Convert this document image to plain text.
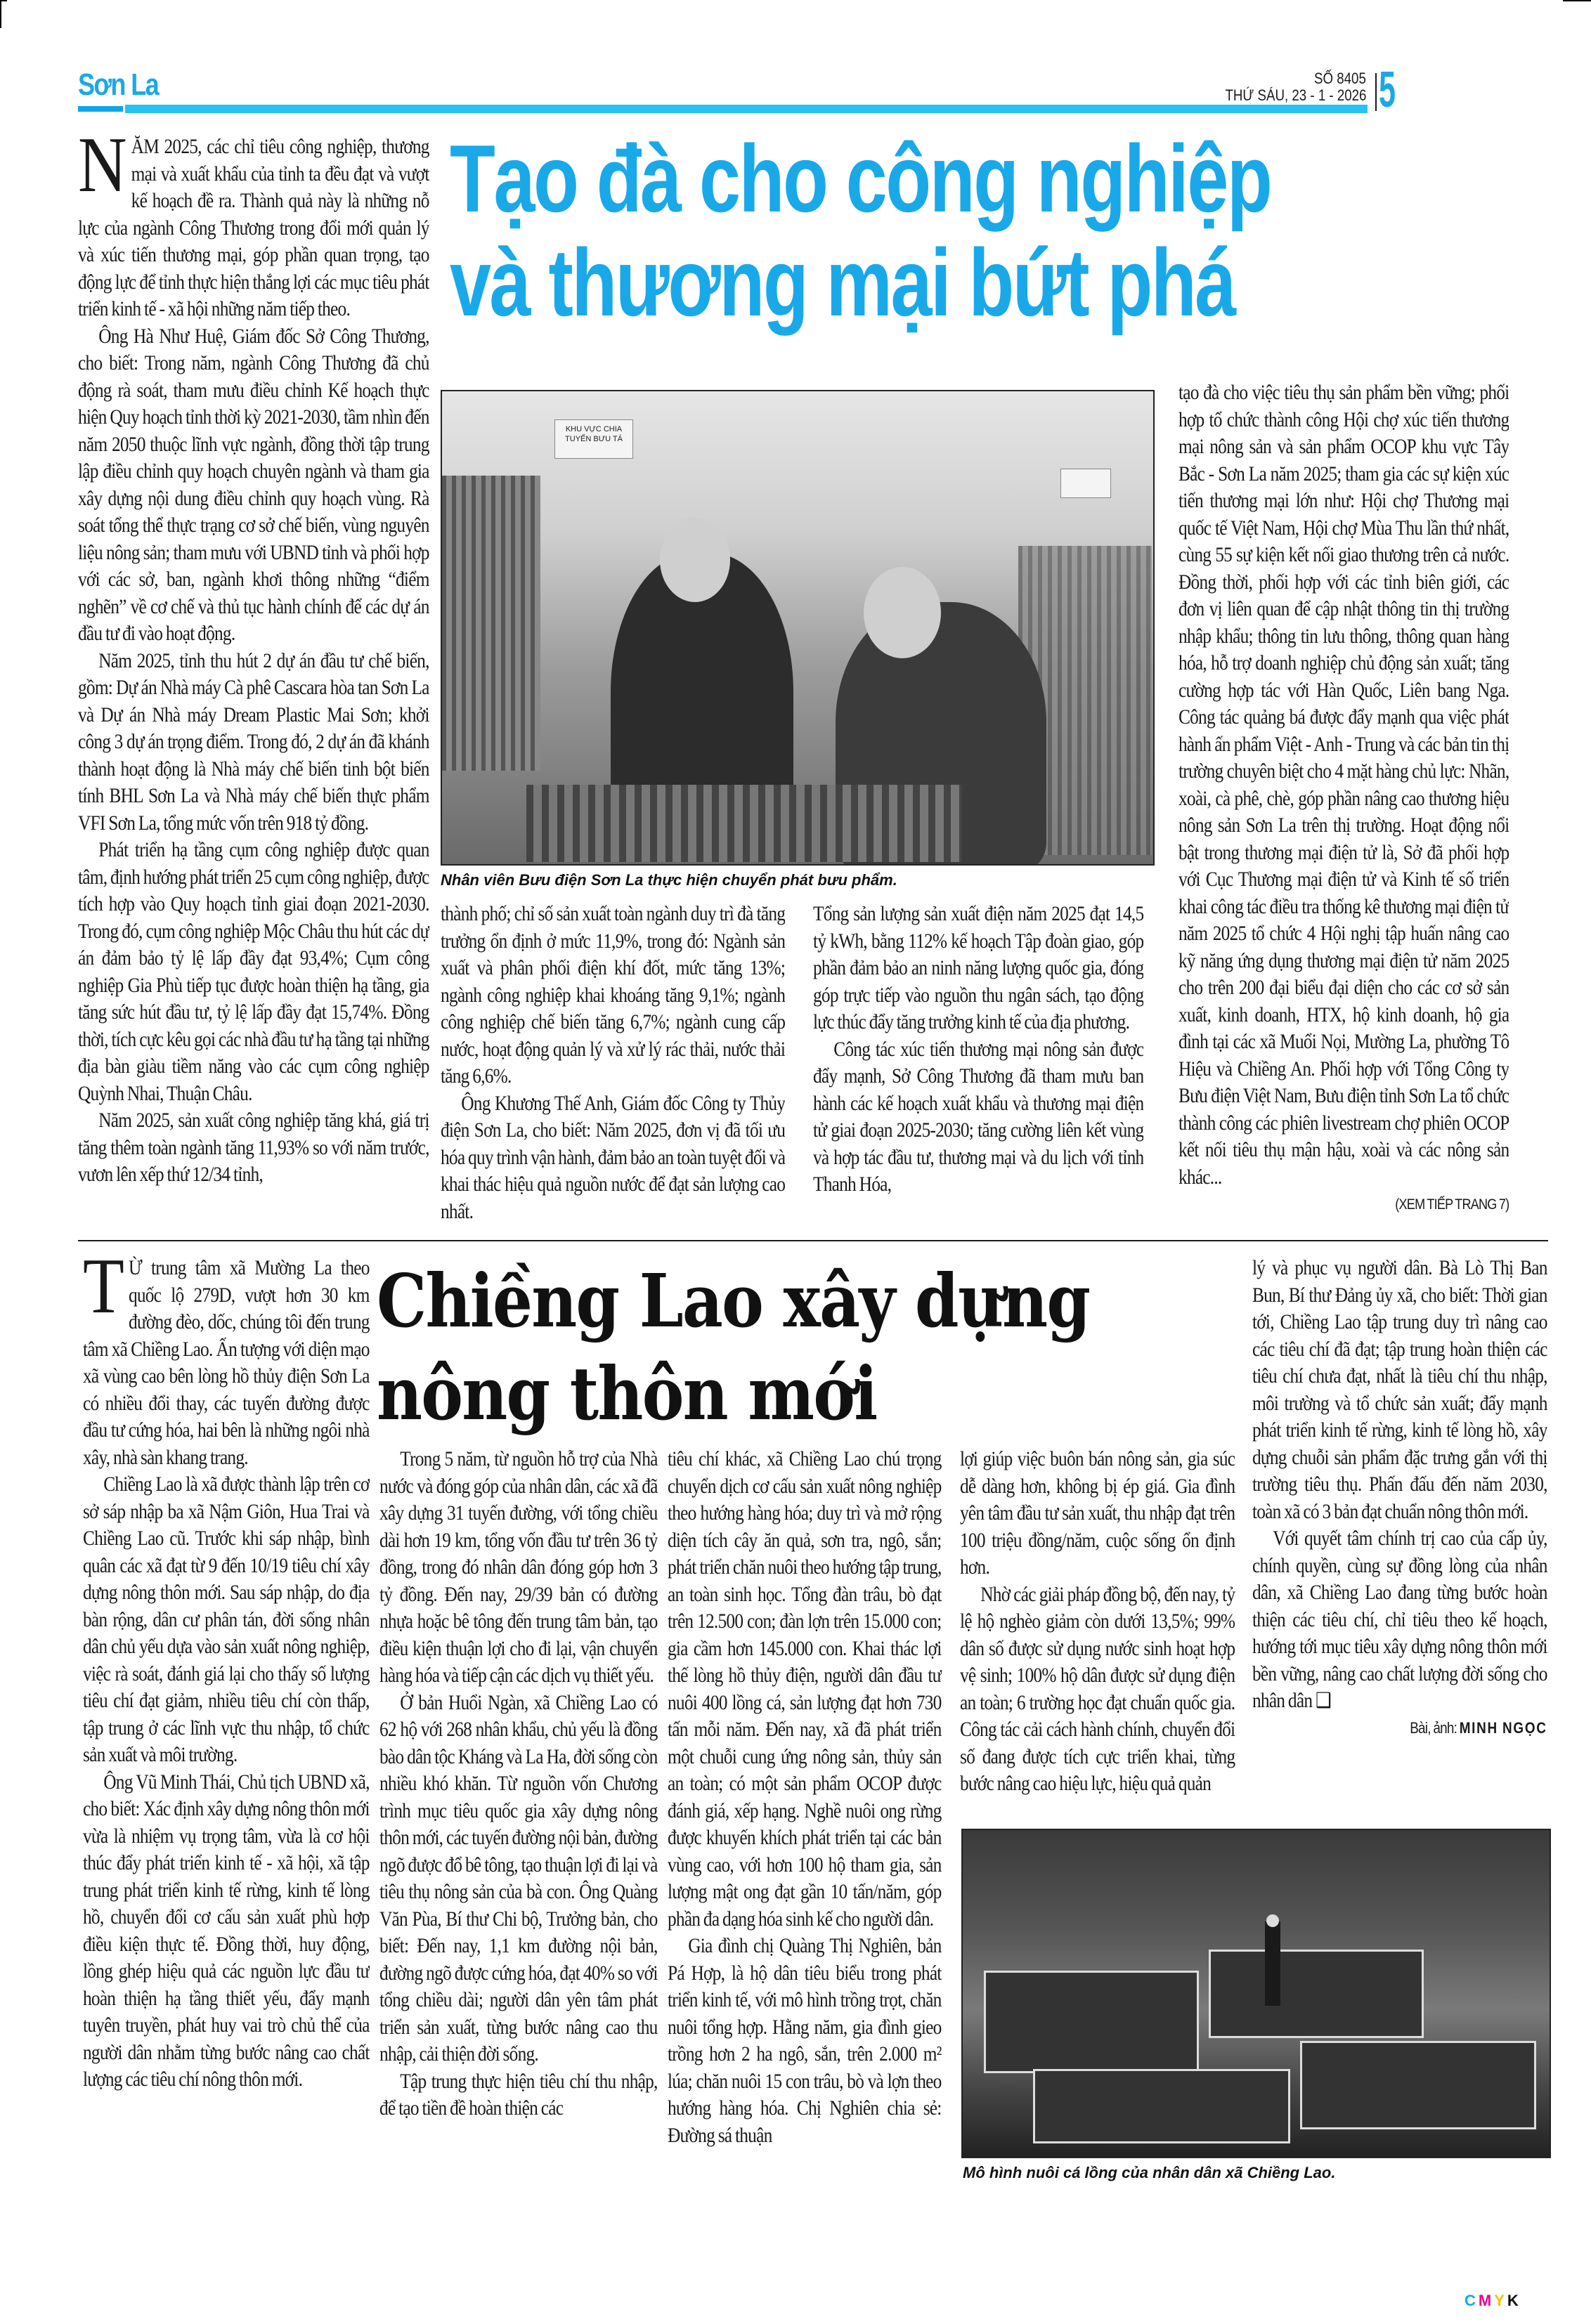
Sơn La	SỐ 8405
THỨ SÁU, 23 - 1 - 2026 5
Tạo đà cho công nghiệp
và thương mại bứt phá

NĂM 2025, các chỉ tiêu công nghiệp, thương mại và xuất khẩu của tỉnh ta đều đạt và vượt kế hoạch đề ra. Thành quả này là những nỗ lực của ngành Công Thương trong đổi mới quản lý và xúc tiến thương mại, góp phần quan trọng, tạo động lực để tỉnh thực hiện thắng lợi các mục tiêu phát triển kinh tế - xã hội những năm tiếp theo.

Ông Hà Như Huệ, Giám đốc Sở Công Thương, cho biết: Trong năm, ngành Công Thương đã chủ động rà soát, tham mưu điều chỉnh Kế hoạch thực hiện Quy hoạch tỉnh thời kỳ 2021-2030, tầm nhìn đến năm 2050 thuộc lĩnh vực ngành, đồng thời tập trung lập điều chỉnh quy hoạch chuyên ngành và tham gia xây dựng nội dung điều chỉnh quy hoạch vùng. Rà soát tổng thể thực trạng cơ sở chế biến, vùng nguyên liệu nông sản; tham mưu với UBND tỉnh và phối hợp với các sở, ban, ngành khơi thông những “điểm nghẽn” về cơ chế và thủ tục hành chính để các dự án đầu tư đi vào hoạt động.

Năm 2025, tỉnh thu hút 2 dự án đầu tư chế biến, gồm: Dự án Nhà máy Cà phê Cascara hòa tan Sơn La và Dự án Nhà máy Dream Plastic Mai Sơn; khởi công 3 dự án trọng điểm. Trong đó, 2 dự án đã khánh thành hoạt động là Nhà máy chế biến tinh bột biến tính BHL Sơn La và Nhà máy chế biến thực phẩm VFI Sơn La, tổng mức vốn trên 918 tỷ đồng.

Phát triển hạ tầng cụm công nghiệp được quan tâm, định hướng phát triển 25 cụm công nghiệp, được tích hợp vào Quy hoạch tỉnh giai đoạn 2021-2030. Trong đó, cụm công nghiệp Mộc Châu thu hút các dự án đảm bảo tỷ lệ lấp đầy đạt 93,4%; Cụm công nghiệp Gia Phù tiếp tục được hoàn thiện hạ tầng, gia tăng sức hút đầu tư, tỷ lệ lấp đầy đạt 15,74%. Đồng thời, tích cực kêu gọi các nhà đầu tư hạ tầng tại những địa bàn giàu tiềm năng vào các cụm công nghiệp Quỳnh Nhai, Thuận Châu.

Năm 2025, sản xuất công nghiệp tăng khá, giá trị tăng thêm toàn ngành tăng 11,93% so với năm trước, vươn lên xếp thứ 12/34 tỉnh,

KHU VỰC CHIA TUYẾN BƯU TÁ
Nhân viên Bưu điện Sơn La thực hiện chuyển phát bưu phẩm.

thành phố; chỉ số sản xuất toàn ngành duy trì đà tăng trưởng ổn định ở mức 11,9%, trong đó: Ngành sản xuất và phân phối điện khí đốt, mức tăng 13%; ngành công nghiệp khai khoáng tăng 9,1%; ngành công nghiệp chế biến tăng 6,7%; ngành cung cấp nước, hoạt động quản lý và xử lý rác thải, nước thải tăng 6,6%.

Ông Khương Thế Anh, Giám đốc Công ty Thủy điện Sơn La, cho biết: Năm 2025, đơn vị đã tối ưu hóa quy trình vận hành, đảm bảo an toàn tuyệt đối và khai thác hiệu quả nguồn nước để đạt sản lượng cao nhất.

Tổng sản lượng sản xuất điện năm 2025 đạt 14,5 tỷ kWh, bằng 112% kế hoạch Tập đoàn giao, góp phần đảm bảo an ninh năng lượng quốc gia, đóng góp trực tiếp vào nguồn thu ngân sách, tạo động lực thúc đẩy tăng trưởng kinh tế của địa phương.

Công tác xúc tiến thương mại nông sản được đẩy mạnh, Sở Công Thương đã tham mưu ban hành các kế hoạch xuất khẩu và thương mại điện tử giai đoạn 2025-2030; tăng cường liên kết vùng và hợp tác đầu tư, thương mại và du lịch với tỉnh Thanh Hóa,

tạo đà cho việc tiêu thụ sản phẩm bền vững; phối hợp tổ chức thành công Hội chợ xúc tiến thương mại nông sản và sản phẩm OCOP khu vực Tây Bắc - Sơn La năm 2025; tham gia các sự kiện xúc tiến thương mại lớn như: Hội chợ Thương mại quốc tế Việt Nam, Hội chợ Mùa Thu lần thứ nhất, cùng 55 sự kiện kết nối giao thương trên cả nước. Đồng thời, phối hợp với các tỉnh biên giới, các đơn vị liên quan để cập nhật thông tin thị trường nhập khẩu; thông tin lưu thông, thông quan hàng hóa, hỗ trợ doanh nghiệp chủ động sản xuất; tăng cường hợp tác với Hàn Quốc, Liên bang Nga. Công tác quảng bá được đẩy mạnh qua việc phát hành ấn phẩm Việt - Anh - Trung và các bản tin thị trường chuyên biệt cho 4 mặt hàng chủ lực: Nhãn, xoài, cà phê, chè, góp phần nâng cao thương hiệu nông sản Sơn La trên thị trường. Hoạt động nổi bật trong thương mại điện tử là, Sở đã phối hợp với Cục Thương mại điện tử và Kinh tế số triển khai công tác điều tra thống kê thương mại điện tử năm 2025 tổ chức 4 Hội nghị tập huấn nâng cao kỹ năng ứng dụng thương mại điện tử năm 2025 cho trên 200 đại biểu đại diện cho các cơ sở sản xuất, kinh doanh, HTX, hộ kinh doanh, hộ gia đình tại các xã Muổi Nọi, Mường La, phường Tô Hiệu và Chiềng An. Phối hợp với Tổng Công ty Bưu điện Việt Nam, Bưu điện tỉnh Sơn La tổ chức thành công các phiên livestream chợ phiên OCOP kết nối tiêu thụ mận hậu, xoài và các nông sản khác...

(XEM TIẾP TRANG 7)
Chiềng Lao xây dựng
nông thôn mới

T Ừ trung tâm xã Mường La theo quốc lộ 279D, vượt hơn 30 km đường đèo, dốc, chúng tôi đến trung tâm xã Chiềng Lao. Ấn tượng với diện mạo xã vùng cao bên lòng hồ thủy điện Sơn La có nhiều đổi thay, các tuyến đường được đầu tư cứng hóa, hai bên là những ngôi nhà xây, nhà sàn khang trang.

Chiềng Lao là xã được thành lập trên cơ sở sáp nhập ba xã Nậm Giôn, Hua Trai và Chiềng Lao cũ. Trước khi sáp nhập, bình quân các xã đạt từ 9 đến 10/19 tiêu chí xây dựng nông thôn mới. Sau sáp nhập, do địa bàn rộng, dân cư phân tán, đời sống nhân dân chủ yếu dựa vào sản xuất nông nghiệp, việc rà soát, đánh giá lại cho thấy số lượng tiêu chí đạt giảm, nhiều tiêu chí còn thấp, tập trung ở các lĩnh vực thu nhập, tổ chức sản xuất và môi trường.

Ông Vũ Minh Thái, Chủ tịch UBND xã, cho biết: Xác định xây dựng nông thôn mới vừa là nhiệm vụ trọng tâm, vừa là cơ hội thúc đẩy phát triển kinh tế - xã hội, xã tập trung phát triển kinh tế rừng, kinh tế lòng hồ, chuyển đổi cơ cấu sản xuất phù hợp điều kiện thực tế. Đồng thời, huy động, lồng ghép hiệu quả các nguồn lực đầu tư hoàn thiện hạ tầng thiết yếu, đẩy mạnh tuyên truyền, phát huy vai trò chủ thể của người dân nhằm từng bước nâng cao chất lượng các tiêu chí nông thôn mới.

Trong 5 năm, từ nguồn hỗ trợ của Nhà nước và đóng góp của nhân dân, các xã đã xây dựng 31 tuyến đường, với tổng chiều dài hơn 19 km, tổng vốn đầu tư trên 36 tỷ đồng, trong đó nhân dân đóng góp hơn 3 tỷ đồng. Đến nay, 29/39 bản có đường nhựa hoặc bê tông đến trung tâm bản, tạo điều kiện thuận lợi cho đi lại, vận chuyển hàng hóa và tiếp cận các dịch vụ thiết yếu.

Ở bản Huổi Ngàn, xã Chiềng Lao có 62 hộ với 268 nhân khẩu, chủ yếu là đồng bào dân tộc Kháng và La Ha, đời sống còn nhiều khó khăn. Từ nguồn vốn Chương trình mục tiêu quốc gia xây dựng nông thôn mới, các tuyến đường nội bản, đường ngõ được đổ bê tông, tạo thuận lợi đi lại và tiêu thụ nông sản của bà con. Ông Quàng Văn Pùa, Bí thư Chi bộ, Trưởng bản, cho biết: Đến nay, 1,1 km đường nội bản, đường ngõ được cứng hóa, đạt 40% so với tổng chiều dài; người dân yên tâm phát triển sản xuất, từng bước nâng cao thu nhập, cải thiện đời sống.

Tập trung thực hiện tiêu chí thu nhập, để tạo tiền đề hoàn thiện các

tiêu chí khác, xã Chiềng Lao chú trọng chuyển dịch cơ cấu sản xuất nông nghiệp theo hướng hàng hóa; duy trì và mở rộng diện tích cây ăn quả, sơn tra, ngô, sắn; phát triển chăn nuôi theo hướng tập trung, an toàn sinh học. Tổng đàn trâu, bò đạt trên 12.500 con; đàn lợn trên 15.000 con; gia cầm hơn 145.000 con. Khai thác lợi thế lòng hồ thủy điện, người dân đầu tư nuôi 400 lồng cá, sản lượng đạt hơn 730 tấn mỗi năm. Đến nay, xã đã phát triển một chuỗi cung ứng nông sản, thủy sản an toàn; có một sản phẩm OCOP được đánh giá, xếp hạng. Nghề nuôi ong rừng được khuyến khích phát triển tại các bản vùng cao, với hơn 100 hộ tham gia, sản lượng mật ong đạt gần 10 tấn/năm, góp phần đa dạng hóa sinh kế cho người dân.

Gia đình chị Quàng Thị Nghiên, bản Pá Hợp, là hộ dân tiêu biểu trong phát triển kinh tế, với mô hình trồng trọt, chăn nuôi tổng hợp. Hằng năm, gia đình gieo trồng hơn 2 ha ngô, sắn, trên 2.000 m² lúa; chăn nuôi 15 con trâu, bò và lợn theo hướng hàng hóa. Chị Nghiên chia sẻ: Đường sá thuận

lợi giúp việc buôn bán nông sản, gia súc dễ dàng hơn, không bị ép giá. Gia đình yên tâm đầu tư sản xuất, thu nhập đạt trên 100 triệu đồng/năm, cuộc sống ổn định hơn.

Nhờ các giải pháp đồng bộ, đến nay, tỷ lệ hộ nghèo giảm còn dưới 13,5%; 99% dân số được sử dụng nước sinh hoạt hợp vệ sinh; 100% hộ dân được sử dụng điện an toàn; 6 trường học đạt chuẩn quốc gia. Công tác cải cách hành chính, chuyển đổi số đang được tích cực triển khai, từng bước nâng cao hiệu lực, hiệu quả quản

lý và phục vụ người dân. Bà Lò Thị Ban Bun, Bí thư Đảng ủy xã, cho biết: Thời gian tới, Chiềng Lao tập trung duy trì nâng cao các tiêu chí đã đạt; tập trung hoàn thiện các tiêu chí chưa đạt, nhất là tiêu chí thu nhập, môi trường và tổ chức sản xuất; đẩy mạnh phát triển kinh tế rừng, kinh tế lòng hồ, xây dựng chuỗi sản phẩm đặc trưng gắn với thị trường tiêu thụ. Phấn đấu đến năm 2030, toàn xã có 3 bản đạt chuẩn nông thôn mới.

Với quyết tâm chính trị cao của cấp ủy, chính quyền, cùng sự đồng lòng của nhân dân, xã Chiềng Lao đang từng bước hoàn thiện các tiêu chí, chỉ tiêu theo kế hoạch, hướng tới mục tiêu xây dựng nông thôn mới bền vững, nâng cao chất lượng đời sống cho nhân dân ❑

Bài, ảnh: MINH NGỌC
Mô hình nuôi cá lồng của nhân dân xã Chiềng Lao.
CMYK
